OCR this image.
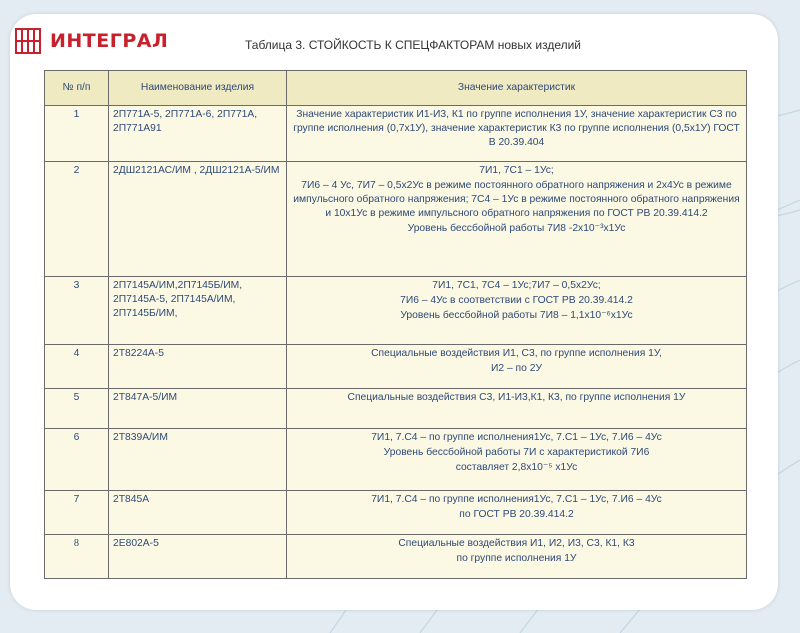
ИНТЕГРАЛ	Таблица 3. СТОЙКОСТЬ К СПЕЦФАКТОРАМ новых изделий
№ п/п	Наименование изделия	Значение характеристик
1	2П771А-5, 2П771А-6, 2П771А, 2П771А91	Значение характеристик И1-И3, К1 по группе исполнения 1У, значение характеристик С3 по группе исполнения (0,7х1У), значение характеристик К3 по группе исполнения (0,5х1У) ГОСТ В 20.39.404

2	2ДШ2121АС/ИМ , 2ДШ2121А-5/ИМ	7И1, 7С1 – 1Ус;
7И6 – 4 Ус, 7И7 – 0,5х2Ус в режиме постоянного обратного напряжения и 2х4Ус в режиме импульсного обратного напряжения; 7С4 – 1Ус в режиме постоянного обратного напряжения и 10х1Ус в режиме импульсного обратного напряжения по ГОСТ РВ 20.39.414.2
Уровень бессбойной работы 7И8 -2х10⁻³х1Ус

3	2П7145А/ИМ,2П7145Б/ИМ, 2П7145А-5, 2П7145А/ИМ, 2П7145Б/ИМ,	7И1, 7С1, 7С4 – 1Ус;7И7 – 0,5х2Ус;
7И6 – 4Ус в соответствии с ГОСТ РВ 20.39.414.2
Уровень бессбойной работы 7И8 – 1,1х10⁻⁶х1Ус

4	2Т8224А-5	Специальные воздействия И1, С3, по группе исполнения 1У,
И2 – по 2У

5	2Т847А-5/ИМ	Специальные воздействия С3, И1-И3,К1, К3, по группе исполнения 1У

6	2Т839А/ИМ	7И1, 7.С4 – по группе исполнения1Ус, 7.С1 – 1Ус, 7.И6 – 4Ус
Уровень бессбойной работы 7И с характеристикой 7И6
составляет 2,8х10⁻⁵ х1Ус

7	2Т845А	7И1, 7.С4 – по группе исполнения1Ус, 7.С1 – 1Ус, 7.И6 – 4Ус
по ГОСТ РВ 20.39.414.2

8	2Е802А-5	Специальные воздействия И1, И2, И3, С3, К1, К3
по группе исполнения 1У
